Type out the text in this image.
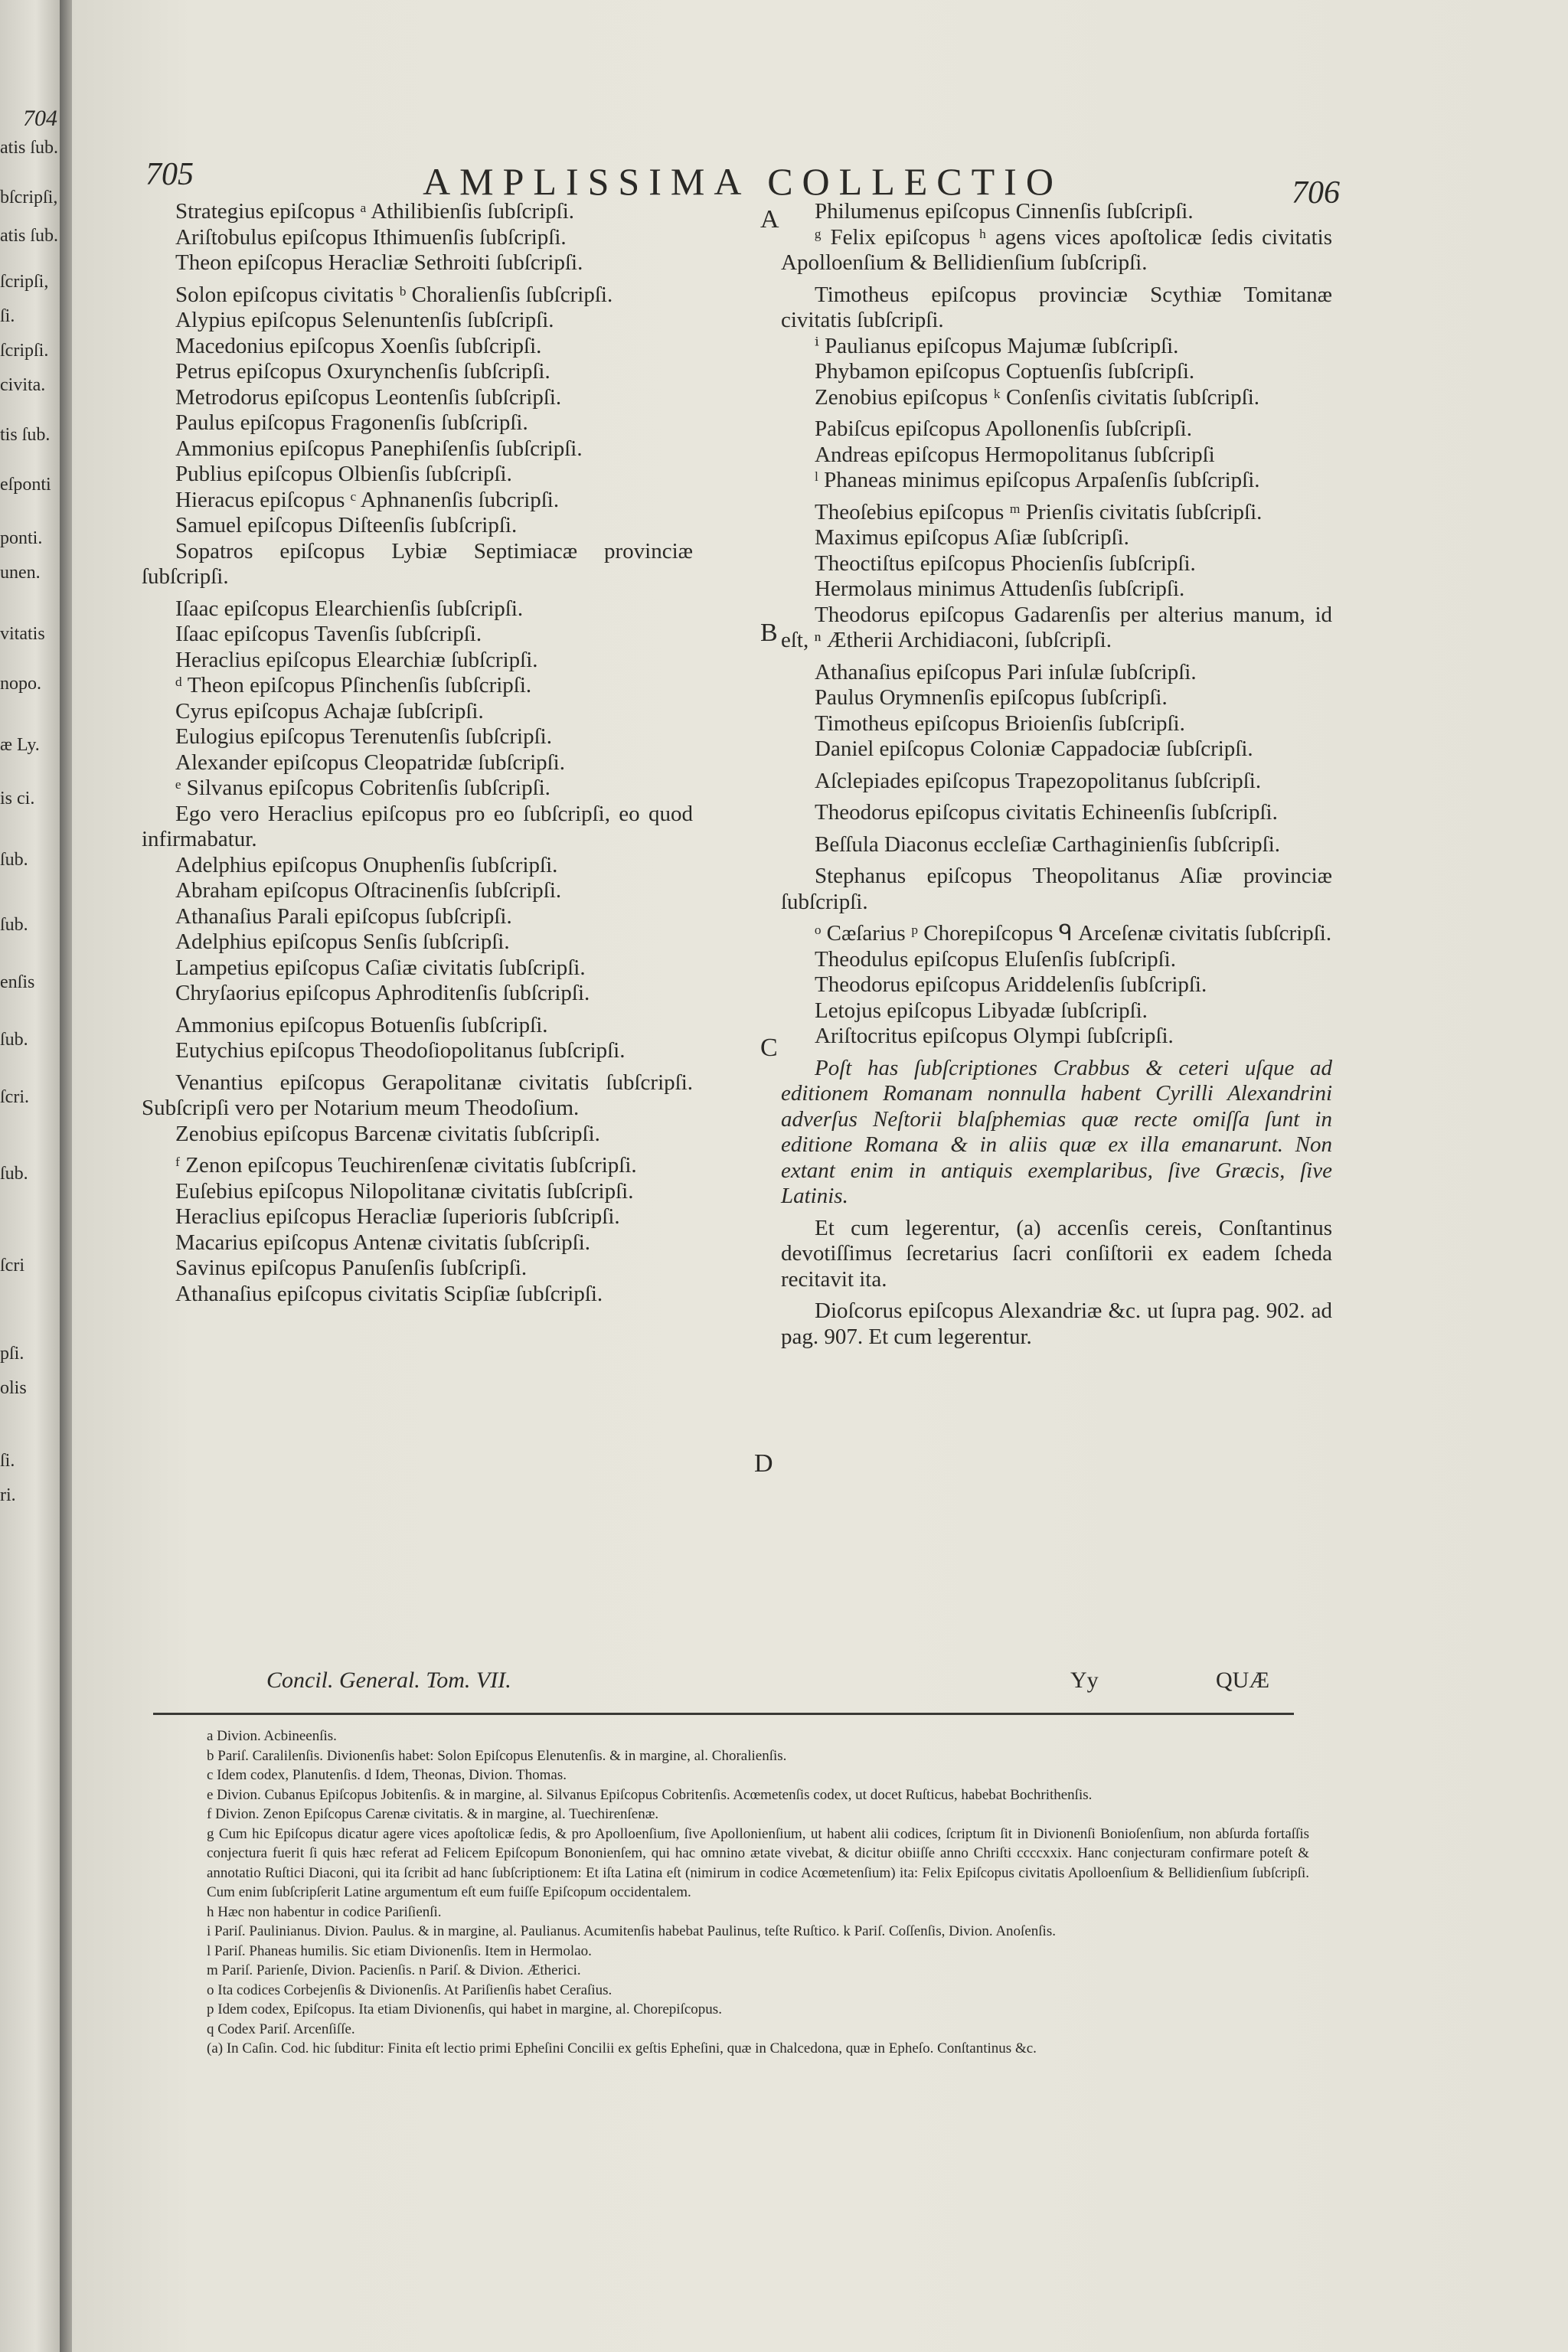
704
atis ſub.
bſcripſi,
atis ſub.
ſcripſi,
ſi.
ſcripſi.
civita.
tis ſub.
eſponti
ponti.
unen.
vitatis
nopo.
æ Ly.
is ci.
ſub.
ſub.
enſis
ſub.
ſcri.
ſub.
ſcri
pſi.
olis
ſi.
ri.
705	AMPLISSIMA COLLECTIO	706

Strategius epiſcopus ᵃ Athilibienſis ſubſcripſi.

Ariſtobulus epiſcopus Ithimuenſis ſubſcripſi.

Theon epiſcopus Heracliæ Sethroiti ſubſcripſi.

Solon epiſcopus civitatis ᵇ Choralienſis ſubſcripſi.

Alypius epiſcopus Selenuntenſis ſubſcripſi.

Macedonius epiſcopus Xoenſis ſubſcripſi.

Petrus epiſcopus Oxurynchenſis ſubſcripſi.

Metrodorus epiſcopus Leontenſis ſubſcripſi.

Paulus epiſcopus Fragonenſis ſubſcripſi.

Ammonius epiſcopus Panephiſenſis ſubſcripſi.

Publius epiſcopus Olbienſis ſubſcripſi.

Hieracus epiſcopus ᶜ Aphnanenſis ſubcripſi.

Samuel epiſcopus Diſteenſis ſubſcripſi.

Sopatros epiſcopus Lybiæ Septimiacæ provinciæ ſubſcripſi.

Iſaac epiſcopus Elearchienſis ſubſcripſi.

Iſaac epiſcopus Tavenſis ſubſcripſi.

Heraclius epiſcopus Elearchiæ ſubſcripſi.

ᵈ Theon epiſcopus Pſinchenſis ſubſcripſi.

Cyrus epiſcopus Achajæ ſubſcripſi.

Eulogius epiſcopus Terenutenſis ſubſcripſi.

Alexander epiſcopus Cleopatridæ ſubſcripſi.

ᵉ Silvanus epiſcopus Cobritenſis ſubſcripſi.

Ego vero Heraclius epiſcopus pro eo ſubſcripſi, eo quod infirmabatur.

Adelphius epiſcopus Onuphenſis ſubſcripſi.

Abraham epiſcopus Oſtracinenſis ſubſcripſi.

Athanaſius Parali epiſcopus ſubſcripſi.

Adelphius epiſcopus Senſis ſubſcripſi.

Lampetius epiſcopus Caſiæ civitatis ſubſcripſi.

Chryſaorius epiſcopus Aphroditenſis ſubſcripſi.

Ammonius epiſcopus Botuenſis ſubſcripſi.

Eutychius epiſcopus Theodoſiopolitanus ſubſcripſi.

Venantius epiſcopus Gerapolitanæ civitatis ſubſcripſi. Subſcripſi vero per Notarium meum Theodoſium.

Zenobius epiſcopus Barcenæ civitatis ſubſcripſi.

ᶠ Zenon epiſcopus Teuchirenſenæ civitatis ſubſcripſi.

Euſebius epiſcopus Nilopolitanæ civitatis ſubſcripſi.

Heraclius epiſcopus Heracliæ ſuperioris ſubſcripſi.

Macarius epiſcopus Antenæ civitatis ſubſcripſi.

Savinus epiſcopus Panuſenſis ſubſcripſi.

Athanaſius epiſcopus civitatis Scipſiæ ſubſcripſi.

Philumenus epiſcopus Cinnenſis ſubſcripſi.

ᵍ Felix epiſcopus ʰ agens vices apoſtolicæ ſedis civitatis Apolloenſium & Bellidienſium ſubſcripſi.

Timotheus epiſcopus provinciæ Scythiæ Tomitanæ civitatis ſubſcripſi.

ⁱ Paulianus epiſcopus Majumæ ſubſcripſi.

Phybamon epiſcopus Coptuenſis ſubſcripſi.

Zenobius epiſcopus ᵏ Conſenſis civitatis ſubſcripſi.

Pabiſcus epiſcopus Apollonenſis ſubſcripſi.

Andreas epiſcopus Hermopolitanus ſubſcripſi

ˡ Phaneas minimus epiſcopus Arpaſenſis ſubſcripſi.

Theoſebius epiſcopus ᵐ Prienſis civitatis ſubſcripſi.

Maximus epiſcopus Aſiæ ſubſcripſi.

Theoctiſtus epiſcopus Phocienſis ſubſcripſi.

Hermolaus minimus Attudenſis ſubſcripſi.

Theodorus epiſcopus Gadarenſis per alterius manum, id eſt, ⁿ Ætherii Archidiaconi, ſubſcripſi.

Athanaſius epiſcopus Pari inſulæ ſubſcripſi.

Paulus Orymnenſis epiſcopus ſubſcripſi.

Timotheus epiſcopus Brioienſis ſubſcripſi.

Daniel epiſcopus Coloniæ Cappadociæ ſubſcripſi.

Aſclepiades epiſcopus Trapezopolitanus ſubſcripſi.

Theodorus epiſcopus civitatis Echineenſis ſubſcripſi.

Beſſula Diaconus eccleſiæ Carthaginienſis ſubſcripſi.

Stephanus epiſcopus Theopolitanus Aſiæ provinciæ ſubſcripſi.

ᵒ Cæſarius ᵖ Chorepiſcopus ᑫ Arceſenæ civitatis ſubſcripſi.

Theodulus epiſcopus Eluſenſis ſubſcripſi.

Theodorus epiſcopus Ariddelenſis ſubſcripſi.

Letojus epiſcopus Libyadæ ſubſcripſi.

Ariſtocritus epiſcopus Olympi ſubſcripſi.

Poſt has ſubſcriptiones Crabbus & ceteri uſque ad editionem Romanam nonnulla habent Cyrilli Alexandrini adverſus Neſtorii blaſphemias quæ recte omiſſa ſunt in editione Romana & in aliis quæ ex illa emanarunt. Non extant enim in antiquis exemplaribus, ſive Græcis, ſive Latinis.

Et cum legerentur, (a) accenſis cereis, Conſtantinus devotiſſimus ſecretarius ſacri conſiſtorii ex eadem ſcheda recitavit ita.

Dioſcorus epiſcopus Alexandriæ &c. ut ſupra pag. 902. ad pag. 907. Et cum legerentur.

A
B
C
D
Concil. General. Tom. VII.	Yy	QUÆ

a Divion. Acbineenſis.

b Pariſ. Caralilenſis. Divionenſis habet: Solon Epiſcopus Elenutenſis. & in margine, al. Choralienſis.

c Idem codex, Planutenſis. d Idem, Theonas, Divion. Thomas.

e Divion. Cubanus Epiſcopus Jobitenſis. & in margine, al. Silvanus Epiſcopus Cobritenſis. Acœmetenſis codex, ut docet Ruſticus, habebat Bochrithenſis.

f Divion. Zenon Epiſcopus Carenæ civitatis. & in margine, al. Tuechirenſenæ.

g Cum hic Epiſcopus dicatur agere vices apoſtolicæ ſedis, & pro Apolloenſium, ſive Apollonienſium, ut habent alii codices, ſcriptum ſit in Divionenſi Bonioſenſium, non abſurda fortaſſis conjectura fuerit ſi quis hæc referat ad Felicem Epiſcopum Bononienſem, qui hac omnino ætate vivebat, & dicitur obiiſſe anno Chriſti ccccxxix. Hanc conjecturam confirmare poteſt & annotatio Ruſtici Diaconi, qui ita ſcribit ad hanc ſubſcriptionem: Et iſta Latina eſt (nimirum in codice Acœmetenſium) ita: Felix Epiſcopus civitatis Apolloenſium & Bellidienſium ſubſcripſi. Cum enim ſubſcripſerit Latine argumentum eſt eum fuiſſe Epiſcopum occidentalem.

h Hæc non habentur in codice Pariſienſi.

i Pariſ. Paulinianus. Divion. Paulus. & in margine, al. Paulianus. Acumitenſis habebat Paulinus, teſte Ruſtico. k Pariſ. Coſſenſis, Divion. Anoſenſis.

l Pariſ. Phaneas humilis. Sic etiam Divionenſis. Item in Hermolao.

m Pariſ. Parienſe, Divion. Pacienſis. n Pariſ. & Divion. Ætherici.

o Ita codices Corbejenſis & Divionenſis. At Pariſienſis habet Ceraſius.

p Idem codex, Epiſcopus. Ita etiam Divionenſis, qui habet in margine, al. Chorepiſcopus.

q Codex Pariſ. Arcenſiſſe.

(a) In Caſin. Cod. hic ſubditur: Finita eſt lectio primi Epheſini Concilii ex geſtis Epheſini, quæ in Chalcedona, quæ in Epheſo. Conſtantinus &c.
